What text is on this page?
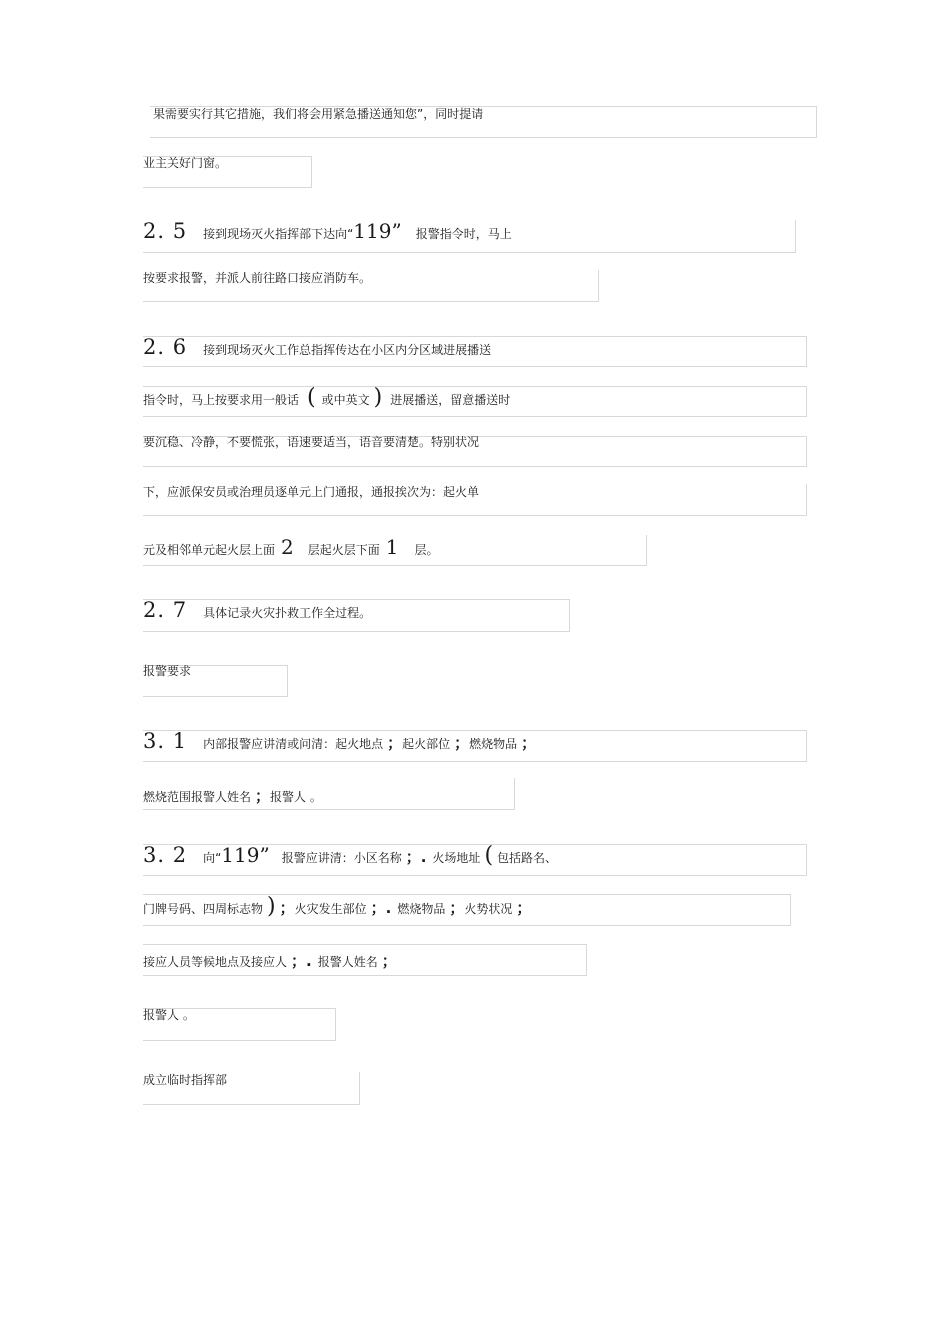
果需要实行其它措施，我们将会用紧急播送通知您”，同时提请
业主关好门窗。
2. 5 接到现场灭火指挥部下达向“119” 报警指令时，马上
按要求报警，并派人前往路口接应消防车。
2. 6 接到现场灭火工作总指挥传达在小区内分区域进展播送
指令时，马上按要求用一般话 ( 或中英文 ) 进展播送，留意播送时
要沉稳、冷静，不要慌张，语速要适当，语音要清楚。特别状况
下，应派保安员或治理员逐单元上门通报，通报挨次为：起火单
元及相邻单元起火层上面 2 层起火层下面 1 层。
2. 7 具体记录火灾扑救工作全过程。
报警要求
3. 1 内部报警应讲清或问清：起火地点 ；起火部位 ；燃烧物品 ；
燃烧范围报警人姓名 ；报警人 。
3. 2 向“119” 报警应讲清：小区名称 ；. 火场地址 ( 包括路名、
门牌号码、四周标志物 ) ；火灾发生部位 ；. 燃烧物品 ；火势状况 ；
接应人员等候地点及接应人 ；. 报警人姓名 ；
报警人 。
成立临时指挥部
